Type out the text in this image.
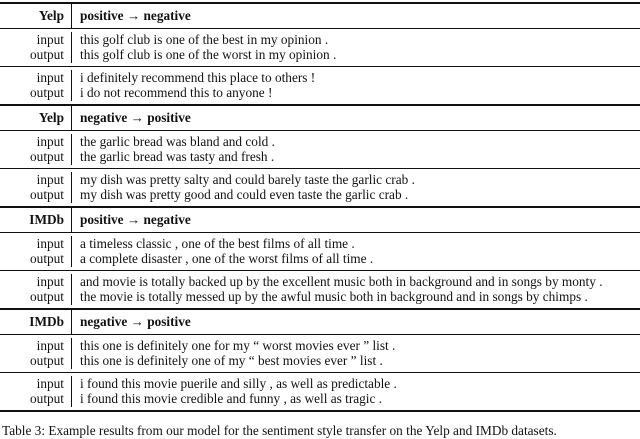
Yelp	positive → negative
input	this golf club is one of the best in my opinion .
output	this golf club is one of the worst in my opinion .
input	i definitely recommend this place to others !
output	i do not recommend this to anyone !
Yelp	negative → positive
input	the garlic bread was bland and cold .
output	the garlic bread was tasty and fresh .
input	my dish was pretty salty and could barely taste the garlic crab .
output	my dish was pretty good and could even taste the garlic crab .
IMDb	positive → negative
input	a timeless classic , one of the best films of all time .
output	a complete disaster , one of the worst films of all time .
input	and movie is totally backed up by the excellent music both in background and in songs by monty .
output	the movie is totally messed up by the awful music both in background and in songs by chimps .
IMDb	negative → positive
input	this one is definitely one for my “ worst movies ever ” list .
output	this one is definitely one of my “ best movies ever ” list .
input	i found this movie puerile and silly , as well as predictable .
output	i found this movie credible and funny , as well as tragic .
Table 3: Example results from our model for the sentiment style transfer on the Yelp and IMDb datasets.
